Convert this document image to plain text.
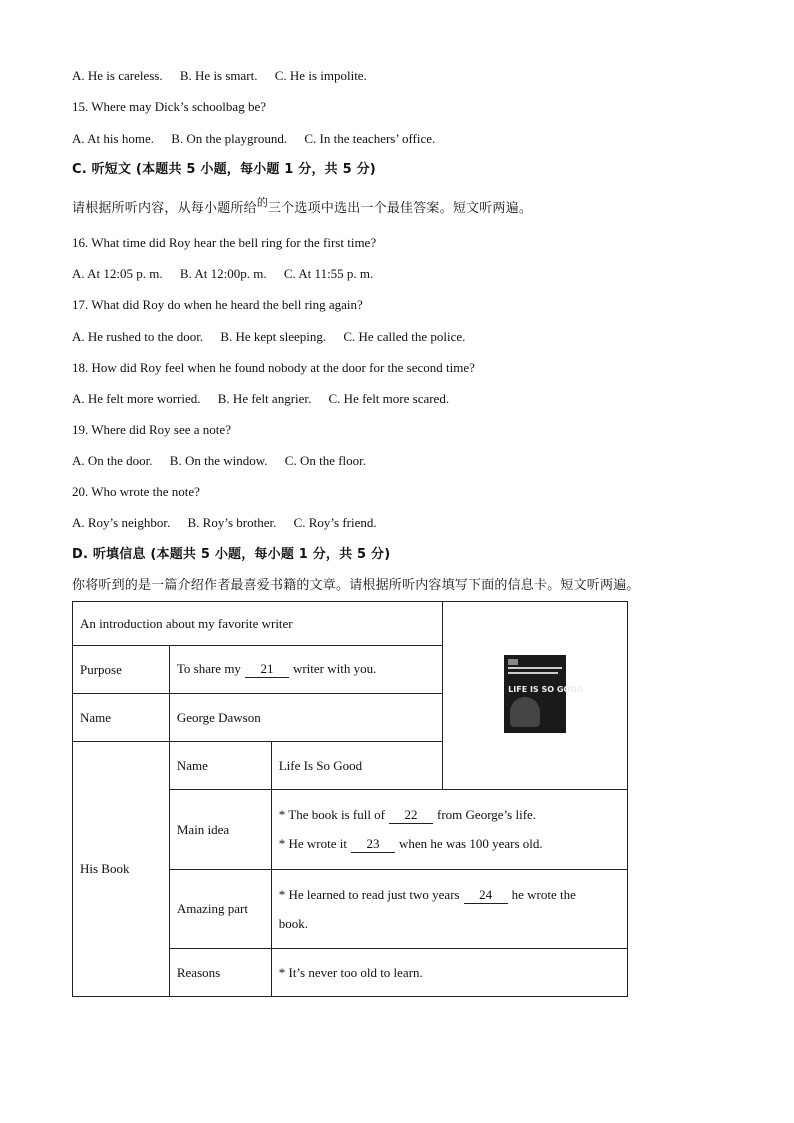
A. He is careless. B. He is smart. C. He is impolite.
15. Where may Dick’s schoolbag be?
A. At his home. B. On the playground. C. In the teachers’ office.
C. 听短文 (本题共 5 小题，每小题 1 分，共 5 分)
请根据所听内容，从每小题所给$^的$三个选项中选出一个最佳答案。短文听两遍。
16. What time did Roy hear the bell ring for the first time?
A. At 12:05 p. m. B. At 12:00p. m. C. At 11:55 p. m.
17. What did Roy do when he heard the bell ring again?
A. He rushed to the door. B. He kept sleeping. C. He called the police.
18. How did Roy feel when he found nobody at the door for the second time?
A. He felt more worried. B. He felt angrier. C. He felt more scared.
19. Where did Roy see a note?
A. On the door. B. On the window. C. On the floor.
20. Who wrote the note?
A. Roy’s neighbor. B. Roy’s brother. C. Roy’s friend.
D. 听填信息 (本题共 5 小题，每小题 1 分，共 5 分)
你将听到的是一篇介绍作者最喜爱书籍的文章。请根据所听内容填写下面的信息卡。短文听两遍。
An introduction about my favorite writer			LIFE IS SO GOOD

Purpose	To share my 21 writer with you.		
Name	George Dawson		
His Book	Name	Life Is So Good	
	Main idea	* The book is full of 22 from George’s life.
* He wrote it 23 when he was 100 years old.	

	Amazing part	* He learned to read just two years 24 he wrote the
book.	

	Reasons	* It’s never too old to learn.	
